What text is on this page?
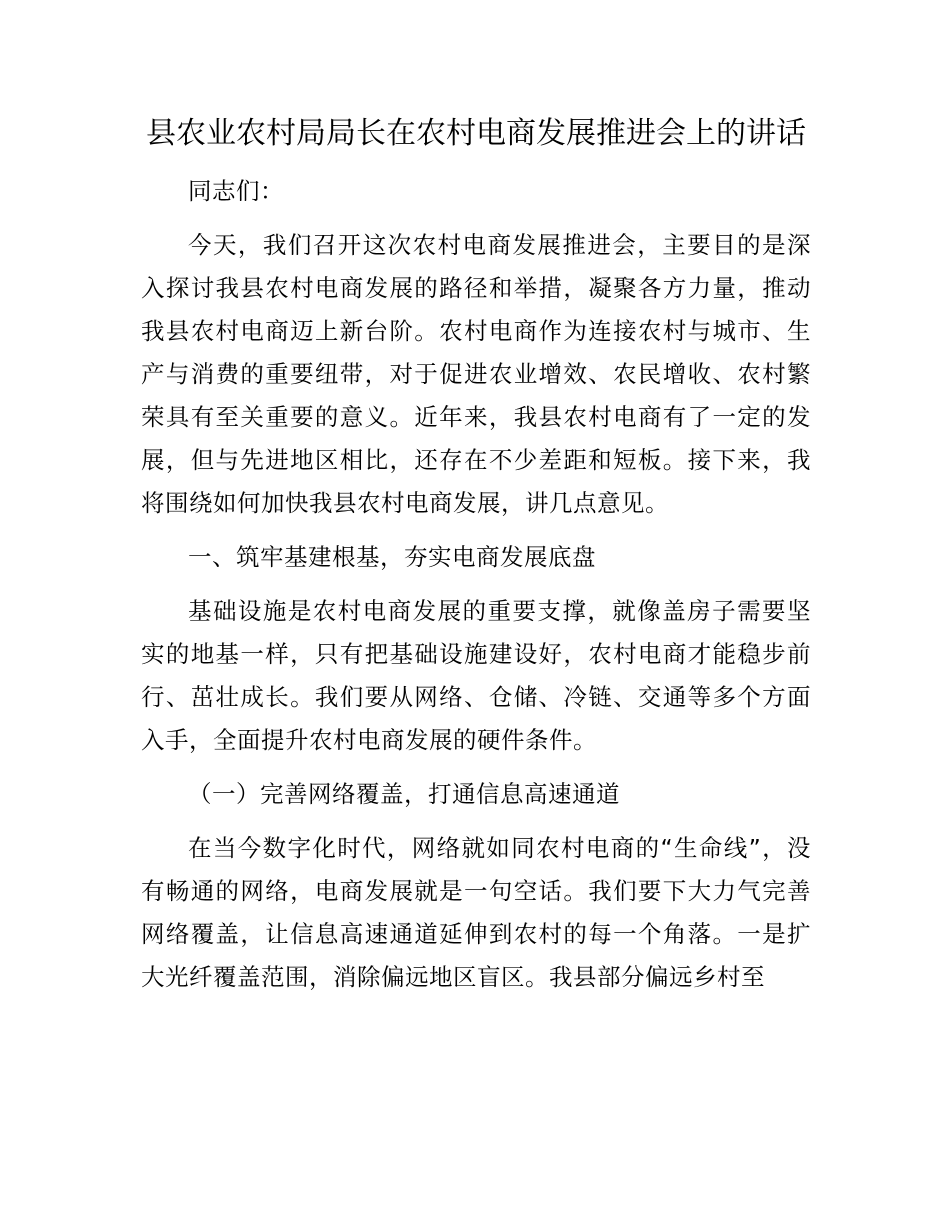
县农业农村局局长在农村电商发展推进会上的讲话

同志们：

今天，我们召开这次农村电商发展推进会，主要目的是深入探讨我县农村电商发展的路径和举措，凝聚各方力量，推动我县农村电商迈上新台阶。农村电商作为连接农村与城市、生产与消费的重要纽带，对于促进农业增效、农民增收、农村繁荣具有至关重要的意义。近年来，我县农村电商有了一定的发展，但与先进地区相比，还存在不少差距和短板。接下来，我将围绕如何加快我县农村电商发展，讲几点意见。

一、筑牢基建根基，夯实电商发展底盘

基础设施是农村电商发展的重要支撑，就像盖房子需要坚实的地基一样，只有把基础设施建设好，农村电商才能稳步前行、茁壮成长。我们要从网络、仓储、冷链、交通等多个方面入手，全面提升农村电商发展的硬件条件。

（一）完善网络覆盖，打通信息高速通道

在当今数字化时代，网络就如同农村电商的“生命线”，没有畅通的网络，电商发展就是一句空话。我们要下大力气完善网络覆盖，让信息高速通道延伸到农村的每一个角落。一是扩大光纤覆盖范围，消除偏远地区盲区。我县部分偏远乡村至
